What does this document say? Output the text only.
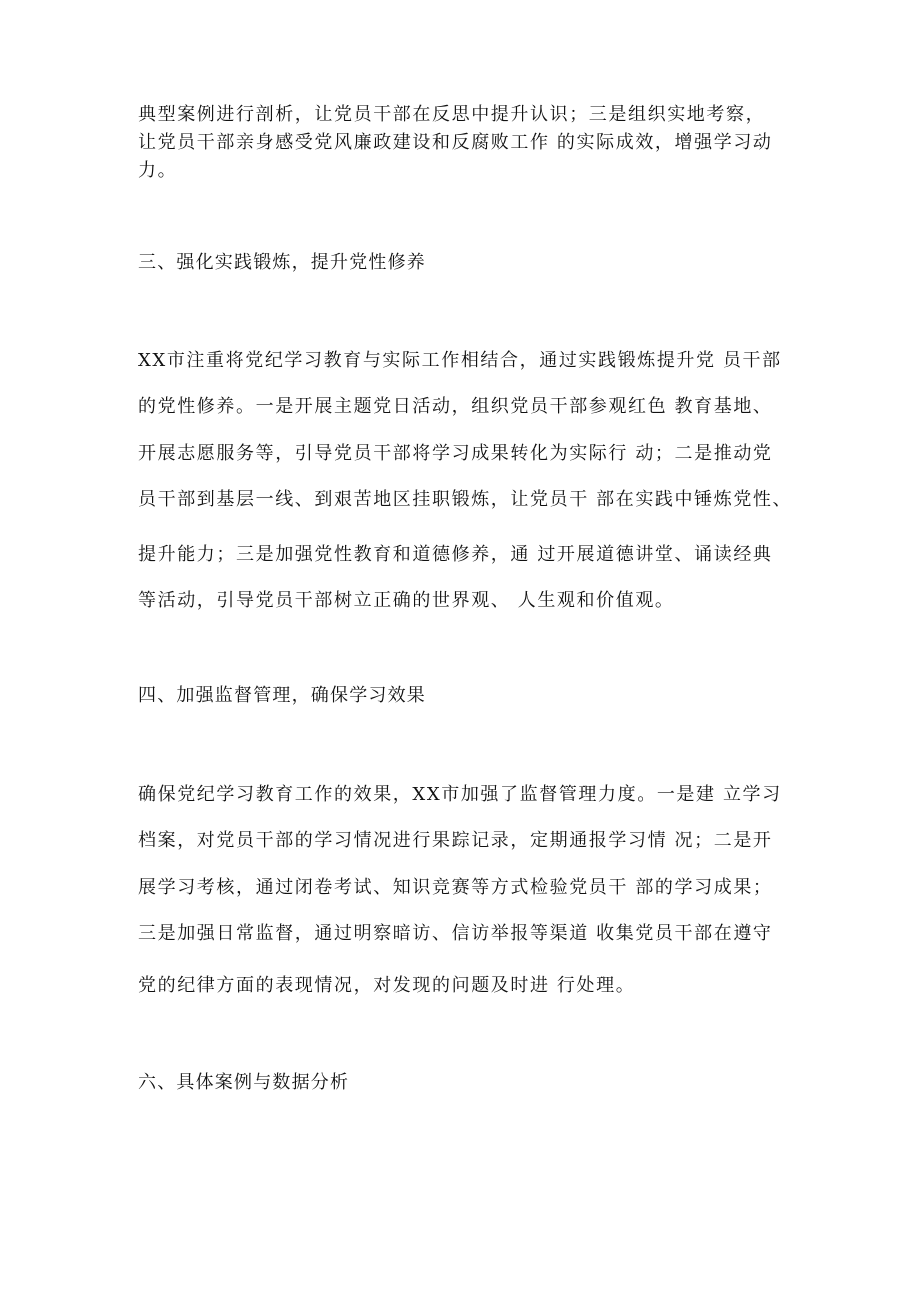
典型案例进行剖析，让党员干部在反思中提升认识；三是组织实地考察，
让党员干部亲身感受党风廉政建设和反腐败工作 的实际成效，增强学习动
力。
三、强化实践锻炼，提升党性修养
XX市注重将党纪学习教育与实际工作相结合，通过实践锻炼提升党 员干部
的党性修养。一是开展主题党日活动，组织党员干部参观红色 教育基地、
开展志愿服务等，引导党员干部将学习成果转化为实际行 动；二是推动党
员干部到基层一线、到艰苦地区挂职锻炼，让党员干 部在实践中锤炼党性、
提升能力；三是加强党性教育和道德修养，通 过开展道德讲堂、诵读经典
等活动，引导党员干部树立正确的世界观、 人生观和价值观。
四、加强监督管理，确保学习效果
确保党纪学习教育工作的效果，XX市加强了监督管理力度。一是建 立学习
档案，对党员干部的学习情况进行果踪记录，定期通报学习情 况；二是开
展学习考核，通过闭卷考试、知识竞赛等方式检验党员干 部的学习成果；
三是加强日常监督，通过明察暗访、信访举报等渠道 收集党员干部在遵守
党的纪律方面的表现情况，对发现的问题及时进 行处理。
六、具体案例与数据分析
